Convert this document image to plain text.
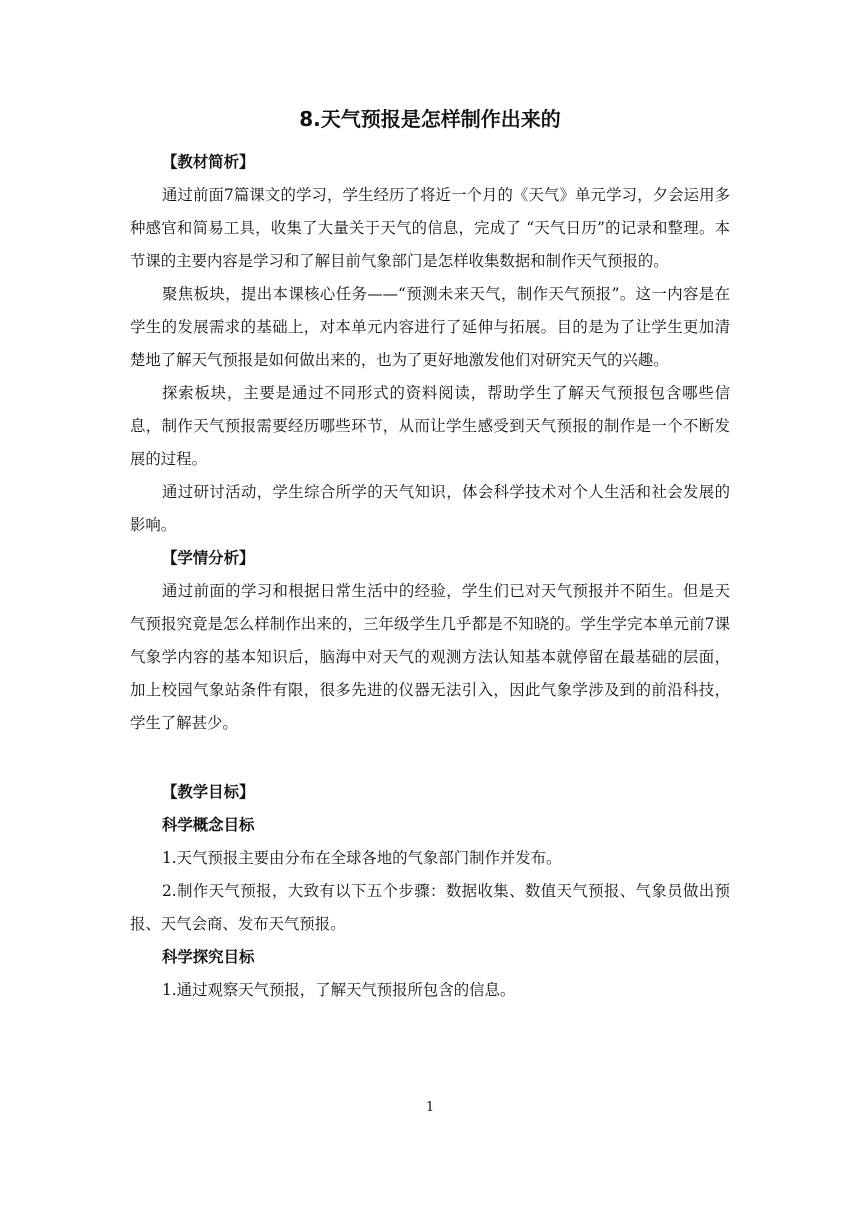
8.天气预报是怎样制作出来的

【教材简析】

通过前面7篇课文的学习，学生经历了将近一个月的《天气》单元学习，夕会运用多种感官和简易工具，收集了大量关于天气的信息，完成了 “天气日历”的记录和整理。本节课的主要内容是学习和了解目前气象部门是怎样收集数据和制作天气预报的。

聚焦板块，提出本课核心任务——“预测未来天气，制作天气预报”。这一内容是在学生的发展需求的基础上，对本单元内容进行了延伸与拓展。目的是为了让学生更加清楚地了解天气预报是如何做出来的，也为了更好地激发他们对研究天气的兴趣。

探索板块，主要是通过不同形式的资料阅读，帮助学生了解天气预报包含哪些信息，制作天气预报需要经历哪些环节，从而让学生感受到天气预报的制作是一个不断发展的过程。

通过研讨活动，学生综合所学的天气知识，体会科学技术对个人生活和社会发展的影响。

【学情分析】

通过前面的学习和根据日常生活中的经验，学生们已对天气预报并不陌生。但是天气预报究竟是怎么样制作出来的，三年级学生几乎都是不知晓的。学生学完本单元前7课气象学内容的基本知识后，脑海中对天气的观测方法认知基本就停留在最基础的层面，加上校园气象站条件有限，很多先进的仪器无法引入，因此气象学涉及到的前沿科技，学生了解甚少。

【教学目标】

科学概念目标

1.天气预报主要由分布在全球各地的气象部门制作并发布。

2.制作天气预报，大致有以下五个步骤：数据收集、数值天气预报、气象员做出预报、天气会商、发布天气预报。

科学探究目标

1.通过观察天气预报，了解天气预报所包含的信息。

1
